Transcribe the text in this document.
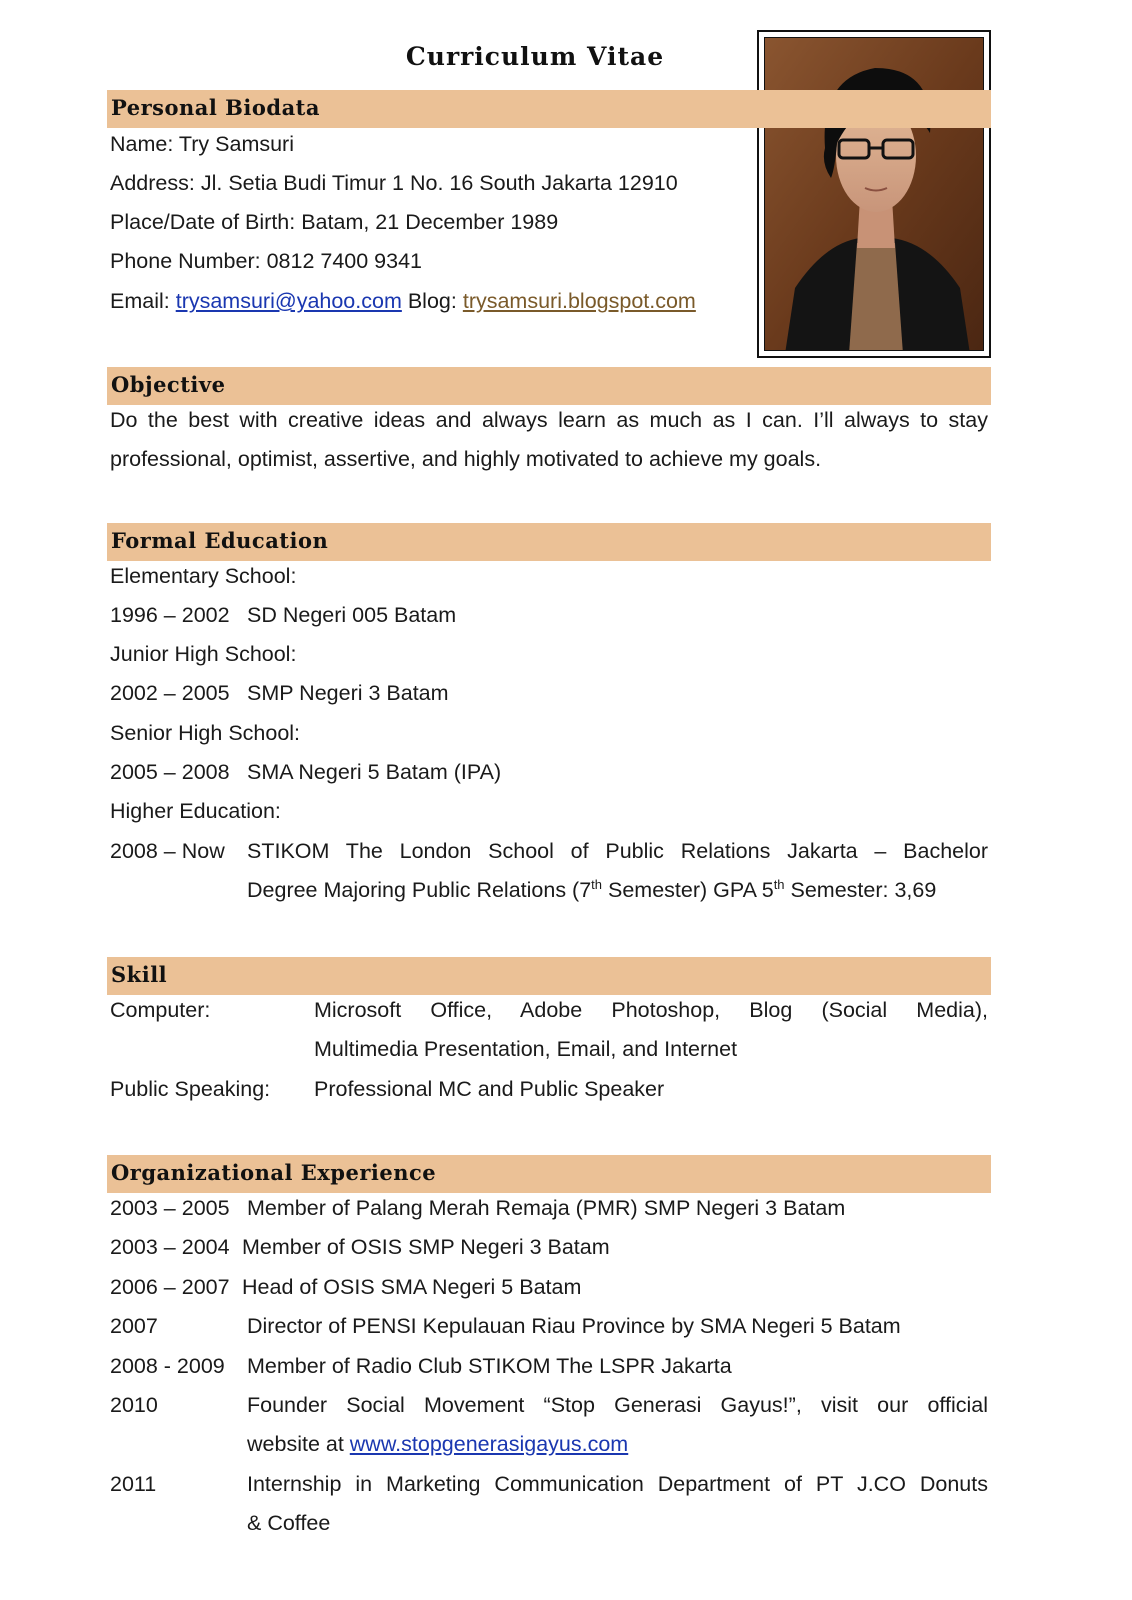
Curriculum Vitae
Personal Biodata
Name: Try Samsuri
Address: Jl. Setia Budi Timur 1 No. 16 South Jakarta 12910
Place/Date of Birth: Batam, 21 December 1989
Phone Number: 0812 7400 9341
Email: trysamsuri@yahoo.com Blog: trysamsuri.blogspot.com
Objective
Do the best with creative ideas and always learn as much as I can. I’ll always to stay
professional, optimist, assertive, and highly motivated to achieve my goals.
Formal Education
Elementary School:
1996 – 2002 SD Negeri 005 Batam
Junior High School:
2002 – 2005 SMP Negeri 3 Batam
Senior High School:
2005 – 2008 SMA Negeri 5 Batam (IPA)
Higher Education:
2008 – Now STIKOM The London School of Public Relations Jakarta – Bachelor
Degree Majoring Public Relations (7th Semester) GPA 5th Semester: 3,69
Skill
Computer:	Microsoft Office, Adobe Photoshop, Blog (Social Media),
Multimedia Presentation, Email, and Internet
Public Speaking: Professional MC and Public Speaker
Organizational Experience
2003 – 2005 Member of Palang Merah Remaja (PMR) SMP Negeri 3 Batam
2003 – 2004 Member of OSIS SMP Negeri 3 Batam
2006 – 2007 Head of OSIS SMA Negeri 5 Batam
2007	Director of PENSI Kepulauan Riau Province by SMA Negeri 5 Batam
2008 - 2009 Member of Radio Club STIKOM The LSPR Jakarta
2010	Founder Social Movement “Stop Generasi Gayus!”, visit our official
website at www.stopgenerasigayus.com
2011	Internship in Marketing Communication Department of PT J.CO Donuts
& Coffee
